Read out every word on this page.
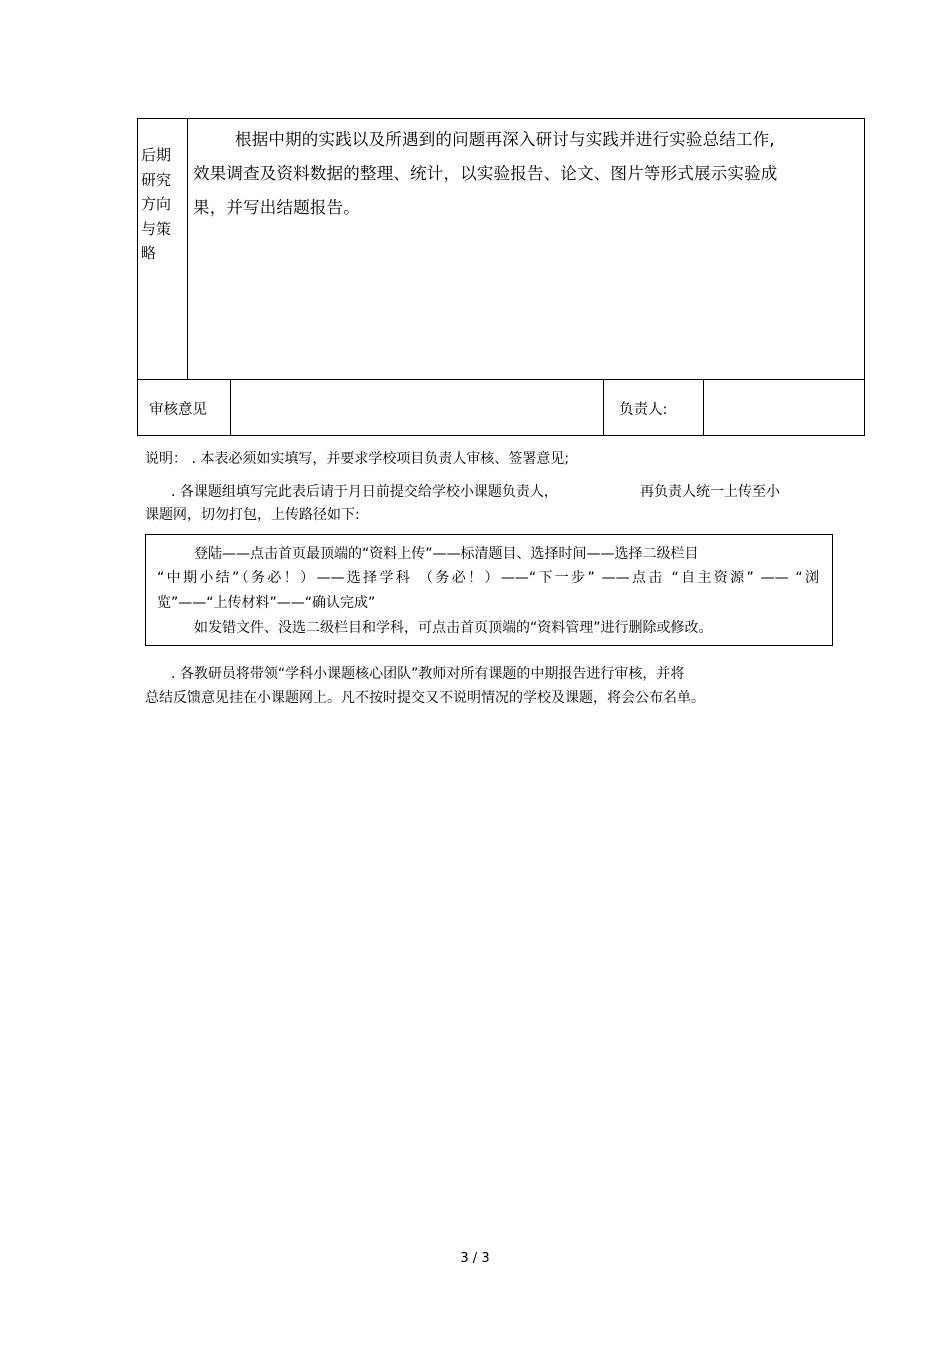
后期
研究
方向
与策
略
根据中期的实践以及所遇到的问题再深入研讨与实践并进行实验总结工作,
效果调查及资料数据的整理、统计，以实验报告、论文、图片等形式展示实验成
果，并写出结题报告。
审核意见	负责人:
说明： . 本表必须如实填写，并要求学校项目负责人审核、签署意见;
. 各课题组填写完此表后请于月日前提交给学校小课题负责人，	再负责人统一上传至小
课题网，切勿打包，上传路径如下:
登陆——点击首页最顶端的“资料上传”——标清题目、选择时间——选择二级栏目
“中期小结”（务必！）——选择学科 （务必！）——“下一步” ——点击 “自主资源” —— “浏
览”——“上传材料”——“确认完成”
如发错文件、没选二级栏目和学科，可点击首页顶端的“资料管理”进行删除或修改。
. 各教研员将带领“学科小课题核心团队”教师对所有课题的中期报告进行审核，并将
总结反馈意见挂在小课题网上。凡不按时提交又不说明情况的学校及课题，将会公布名单。
3 / 3
